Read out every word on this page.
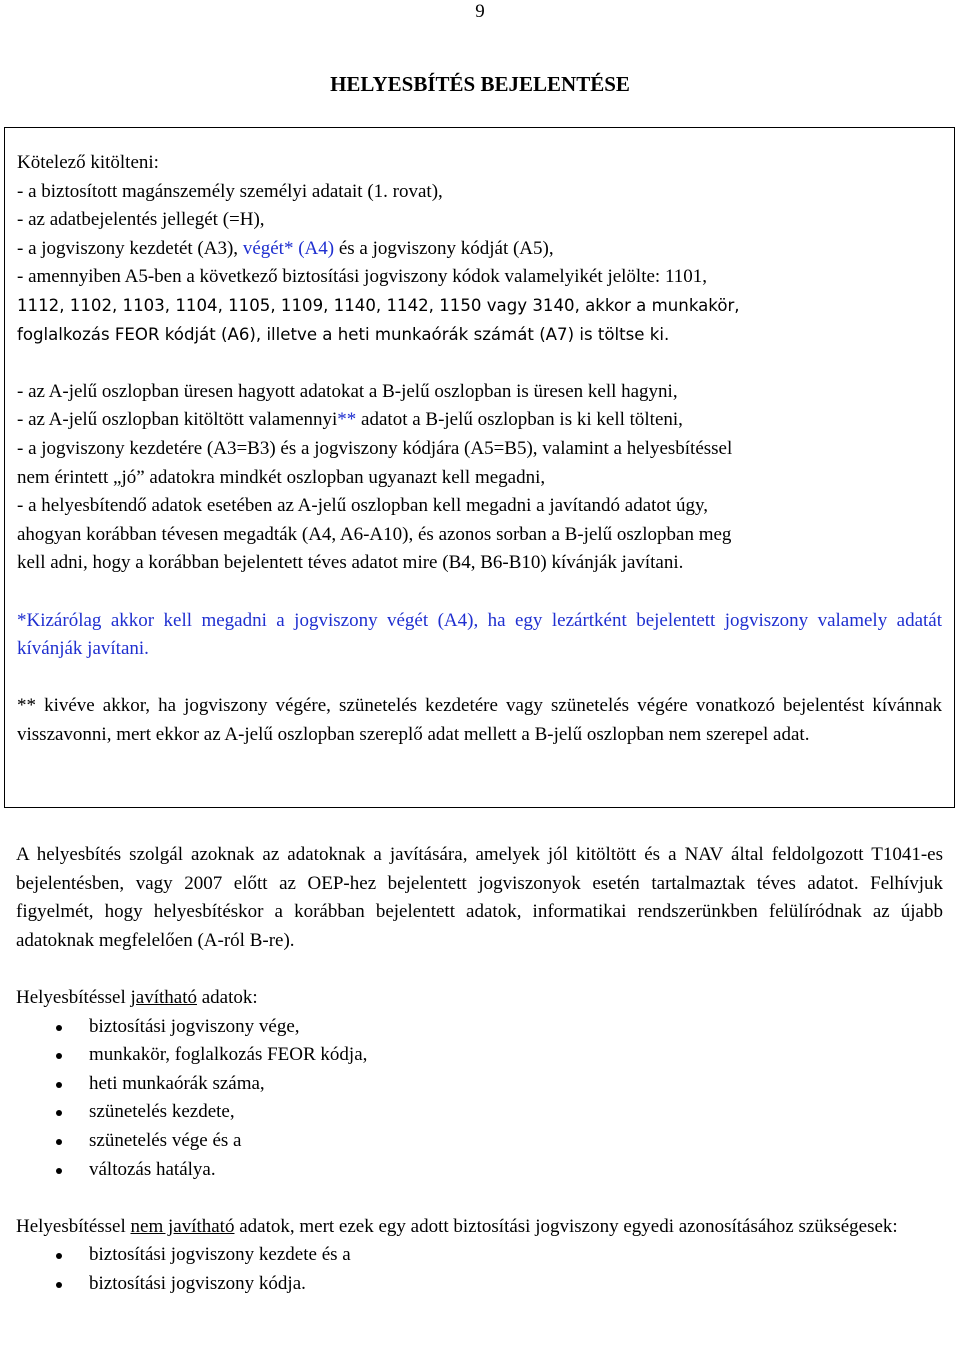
9
HELYESBÍTÉS BEJELENTÉSE
Kötelező kitölteni:
- a biztosított magánszemély személyi adatait (1. rovat),
- az adatbejelentés jellegét (=H),
- a jogviszony kezdetét (A3), végét* (A4) és a jogviszony kódját (A5),
- amennyiben A5-ben a következő biztosítási jogviszony kódok valamelyikét jelölte: 1101,
1112, 1102, 1103, 1104, 1105, 1109, 1140, 1142, 1150 vagy 3140, akkor a munkakör,
foglalkozás FEOR kódját (A6), illetve a heti munkaórák számát (A7) is töltse ki.
- az A-jelű oszlopban üresen hagyott adatokat a B-jelű oszlopban is üresen kell hagyni,
- az A-jelű oszlopban kitöltött valamennyi** adatot a B-jelű oszlopban is ki kell tölteni,
- a jogviszony kezdetére (A3=B3) és a jogviszony kódjára (A5=B5), valamint a helyesbítéssel
nem érintett „jó” adatokra mindkét oszlopban ugyanazt kell megadni,
- a helyesbítendő adatok esetében az A-jelű oszlopban kell megadni a javítandó adatot úgy,
ahogyan korábban tévesen megadták (A4, A6-A10), és azonos sorban a B-jelű oszlopban meg
kell adni, hogy a korábban bejelentett téves adatot mire (B4, B6-B10) kívánják javítani.
*Kizárólag akkor kell megadni a jogviszony végét (A4), ha egy lezártként bejelentett jogviszony valamely adatát kívánják javítani.
** kivéve akkor, ha jogviszony végére, szünetelés kezdetére vagy szünetelés végére vonatkozó bejelentést kívánnak visszavonni, mert ekkor az A-jelű oszlopban szereplő adat mellett a B-jelű oszlopban nem szerepel adat.
A helyesbítés szolgál azoknak az adatoknak a javítására, amelyek jól kitöltött és a NAV által feldolgozott T1041-es bejelentésben, vagy 2007 előtt az OEP-hez bejelentett jogviszonyok esetén tartalmaztak téves adatot. Felhívjuk figyelmét, hogy helyesbítéskor a korábban bejelentett adatok, informatikai rendszerünkben felülíródnak az újabb adatoknak megfelelően (A-ról B-re).
Helyesbítéssel javítható adatok:
biztosítási jogviszony vége,
munkakör, foglalkozás FEOR kódja,
heti munkaórák száma,
szünetelés kezdete,
szünetelés vége és a
változás hatálya.
Helyesbítéssel nem javítható adatok, mert ezek egy adott biztosítási jogviszony egyedi azonosításához szükségesek:
biztosítási jogviszony kezdete és a
biztosítási jogviszony kódja.
